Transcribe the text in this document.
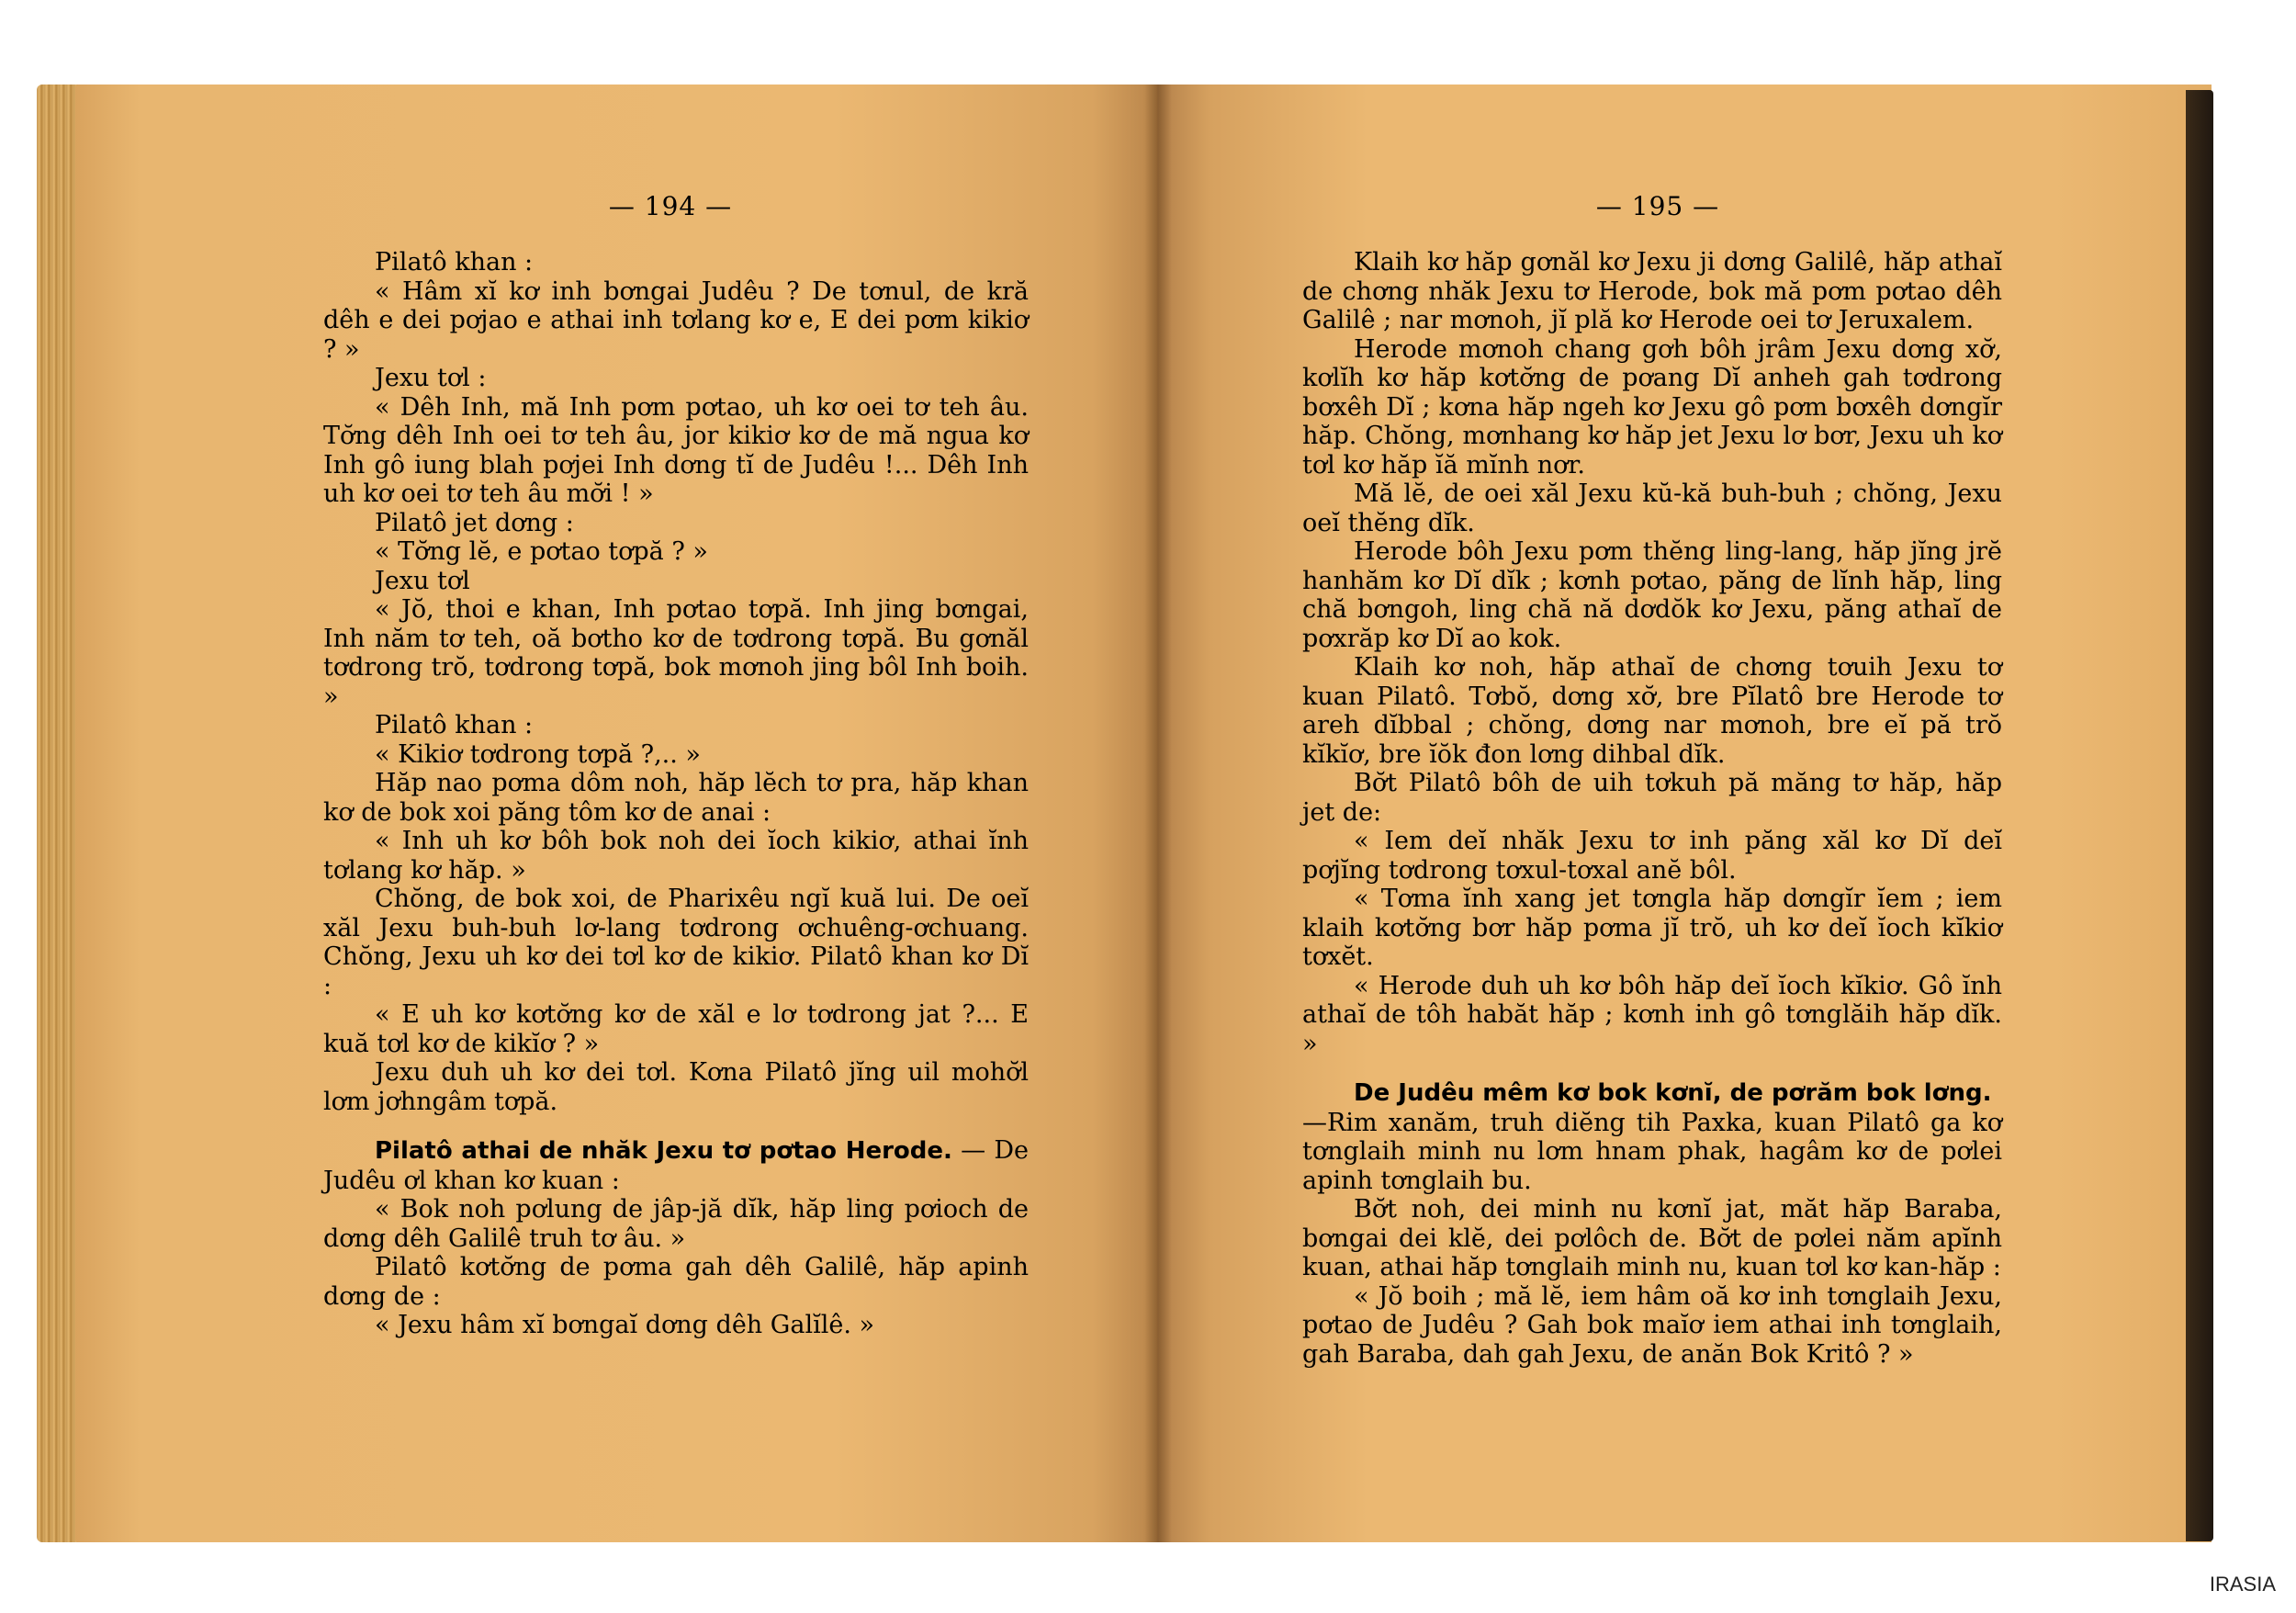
— 194 —	— 195 —

Pilatô khan :

« Hâm xĭ kơ inh bơngai Judêu ? De tơnul, de kră dêh e dei pơjao e athai inh tơlang kơ e, E dei pơm kikiơ ? »

Jexu tơl :

« Dêh Inh, mă Inh pơm pơtao, uh kơ oei tơ teh âu. Tơ̆ng dêh Inh oei tơ teh âu, jor kikiơ kơ de mă ngua kơ Inh gô iung blah pơjei Inh dơng tĭ de Judêu !... Dêh Inh uh kơ oei tơ teh âu mơ̆i ! »

Pilatô jet dơng :

« Tơ̆ng lĕ, e pơtao tơpă ? »

Jexu tơl

« Jŏ, thoi e khan, Inh pơtao tơpă. Inh jing bơngai, Inh năm tơ teh, oă bơtho kơ de tơdrong tơpă. Bu gơnăl tơdrong trŏ, tơdrong tơpă, bok mơnoh jing bôl Inh boih. »

Pilatô khan :

« Kikiơ tơdrong tơpă ?,.. »

Hăp nao pơma dôm noh, hăp lĕch tơ pra, hăp khan kơ de bok xoi păng tôm kơ de anai :

« Inh uh kơ bôh bok noh dei ĭoch kikiơ, athai ĭnh tơlang kơ hăp. »

Chŏng, de bok xoi, de Pharixêu ngĭ kuă lui. De oeĭ xăl Jexu buh-buh lơ-lang tơdrong ơchuêng-ơchuang. Chŏng, Jexu uh kơ dei tơl kơ de kikiơ. Pilatô khan kơ Dĭ :

« E uh kơ kơtơ̆ng kơ de xăl e lơ tơdrong jat ?... E kuă tơl kơ de kikĭơ ? »

Jexu duh uh kơ dei tơl. Kơna Pilatô jĭng uil mohơ̆l lơm jơhngâm tơpă.

Pilatô athai de nhăk Jexu tơ pơtao Herode. — De Judêu ơl khan kơ kuan :

« Bok noh pơlung de jâp-jă dĭk, hăp ling pơioch de dơng dêh Galilê truh tơ âu. »

Pilatô kơtơ̆ng de pơma gah dêh Galilê, hăp apinh dơng de :

« Jexu hâm xĭ bơngaĭ dơng dêh Galĭlê. »

Klaih kơ hăp gơnăl kơ Jexu ji dơng Galilê, hăp athaĭ de chơng nhăk Jexu tơ Herode, bok mă pơm pơtao dêh Galilê ; nar mơnoh, jĭ plă kơ Herode oei tơ Jeruxalem.

Herode mơnoh chang gơh bôh jrâm Jexu dơng xơ̆, kơlĭh kơ hăp kơtơ̆ng de pơang Dĭ anheh gah tơdrong bơxêh Dĭ ; kơna hăp ngeh kơ Jexu gô pơm bơxêh dơngĭr hăp. Chŏng, mơnhang kơ hăp jet Jexu lơ bơr, Jexu uh kơ tơl kơ hăp ĭă mĭnh nơr.

Mă lĕ, de oei xăl Jexu kŭ-kă buh-buh ; chŏng, Jexu oeĭ thĕng dĭk.

Herode bôh Jexu pơm thĕng ling-lang, hăp jĭng jrĕ hanhăm kơ Dĭ dĭk ; kơnh pơtao, păng de lĭnh hăp, ling chă bơngoh, ling chă nă dơdŏk kơ Jexu, păng athaĭ de pơxrăp kơ Dĭ ao kok.

Klaih kơ noh, hăp athaĭ de chơng tơuih Jexu tơ kuan Pilatô. Tơbŏ, dơng xơ̆, bre Pĭlatô bre Herode tơ areh dĭbbal ; chŏng, dơng nar mơnoh, bre eĭ pă trŏ kĭkĭơ, bre ĭŏk đon lơng dihbal dĭk.

Bơ̆t Pilatô bôh de uih tơkuh pă măng tơ hăp, hăp jet de:

« Iem deĭ nhăk Jexu tơ inh păng xăl kơ Dĭ deĭ pơjĭng tơdrong tơxul-tơxal anĕ bôl.

« Tơma ĭnh xang jet tơngla hăp dơngĭr ĭem ; iem klaih kơtơ̆ng bơr hăp pơma jĭ trŏ, uh kơ deĭ ĭoch kĭkiơ tơxĕt.

« Herode duh uh kơ bôh hăp deĭ ĭoch kĭkiơ. Gô ĭnh athaĭ de tôh habăt hăp ; kơnh inh gô tơnglăih hăp dĭk. »

De Judêu mêm kơ bok kơnĭ, de pơrăm bok lơng.
—Rim xanăm, truh diĕng tih Paxka, kuan Pilatô ga kơ tơnglaih minh nu lơm hnam phak, hagâm kơ de pơlei apinh tơnglaih bu.

Bơ̆t noh, dei minh nu kơnĭ jat, măt hăp Baraba, bơngai dei klĕ, dei pơlôch de. Bơ̆t de pơlei năm apĭnh kuan, athai hăp tơnglaih minh nu, kuan tơl kơ kan-hăp :

« Jŏ boih ; mă lĕ, iem hâm oă kơ inh tơnglaih Jexu, pơtao de Judêu ? Gah bok maĭơ iem athai inh tơnglaih, gah Baraba, dah gah Jexu, de anăn Bok Kritô ? »

IRASIA
